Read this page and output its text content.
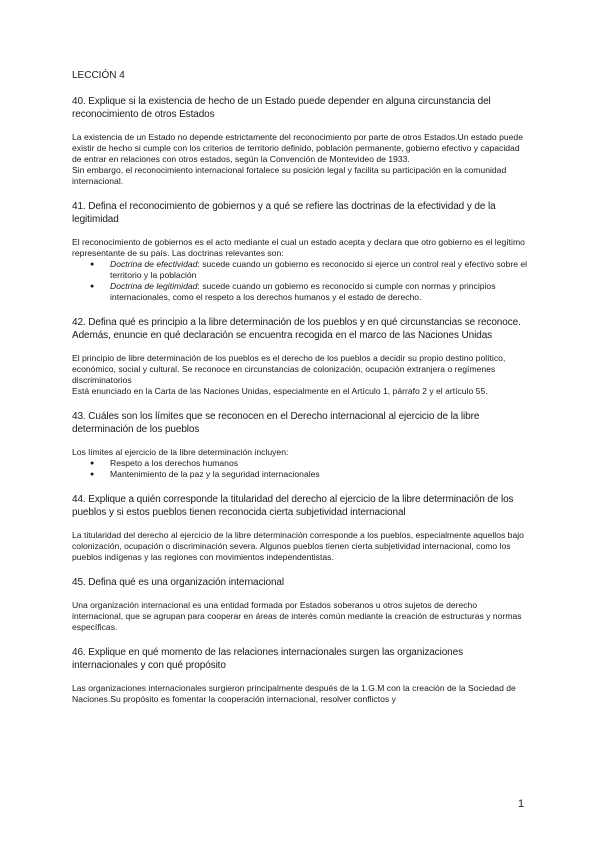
LECCIÓN 4
40. Explique si la existencia de hecho de un Estado puede depender en alguna circunstancia del reconocimiento de otros Estados

La existencia de un Estado no depende estrictamente del reconocimiento por parte de otros Estados.Un estado puede existir de hecho si cumple con los criterios de territorio definido, población permanente, gobierno efectivo y capacidad de entrar en relaciones con otros estados, según la Convención de Montevideo de 1933.

Sin embargo, el reconocimiento internacional fortalece su posición legal y facilita su participación en la comunidad internacional.

41. Defina el reconocimiento de gobiernos y a qué se refiere las doctrinas de la efectividad y de la legitimidad

El reconocimiento de gobiernos es el acto mediante el cual un estado acepta y declara que otro gobierno es el legítimo representante de su país. Las doctrinas relevantes son:

● Doctrina de efectividad: sucede cuando un gobierno es reconocido si ejerce un control real y efectivo sobre el territorio y la población
● Doctrina de legitimidad: sucede cuando un gobierno es reconocido si cumple con normas y principios internacionales, como el respeto a los derechos humanos y el estado de derecho.
42. Defina qué es principio a la libre determinación de los pueblos y en qué circunstancias se reconoce. Además, enuncie en qué declaración se encuentra recogida en el marco de las Naciones Unidas

El principio de libre determinación de los pueblos es el derecho de los pueblos a decidir su propio destino político, económico, social y cultural. Se reconoce en circunstancias de colonización, ocupación extranjera o regímenes discriminatorios

Está enunciado en la Carta de las Naciones Unidas, especialmente en el Artículo 1, párrafo 2 y el artículo 55.

43. Cuáles son los límites que se reconocen en el Derecho internacional al ejercicio de la libre determinación de los pueblos

Los límites al ejercicio de la libre determinación incluyen:

● Respeto a los derechos humanos
● Mantenimiento de la paz y la seguridad internacionales
44. Explique a quién corresponde la titularidad del derecho al ejercicio de la libre determinación de los pueblos y si estos pueblos tienen reconocida cierta subjetividad internacional

La titularidad del derecho al ejercicio de la libre determinación corresponde a los pueblos, especialmente aquellos bajo colonización, ocupación o discriminación severa. Algunos pueblos tienen cierta subjetividad internacional, como los pueblos indígenas y las regiones con movimientos independentistas.

45. Defina qué es una organización internacional

Una organización internacional es una entidad formada por Estados soberanos u otros sujetos de derecho internacional, que se agrupan para cooperar en áreas de interés común mediante la creación de estructuras y normas específicas.

46. Explique en qué momento de las relaciones internacionales surgen las organizaciones internacionales y con qué propósito

Las organizaciones internacionales surgieron principalmente después de la 1.G.M con la creación de la Sociedad de Naciones.Su propósito es fomentar la cooperación internacional, resolver conflictos y

1
